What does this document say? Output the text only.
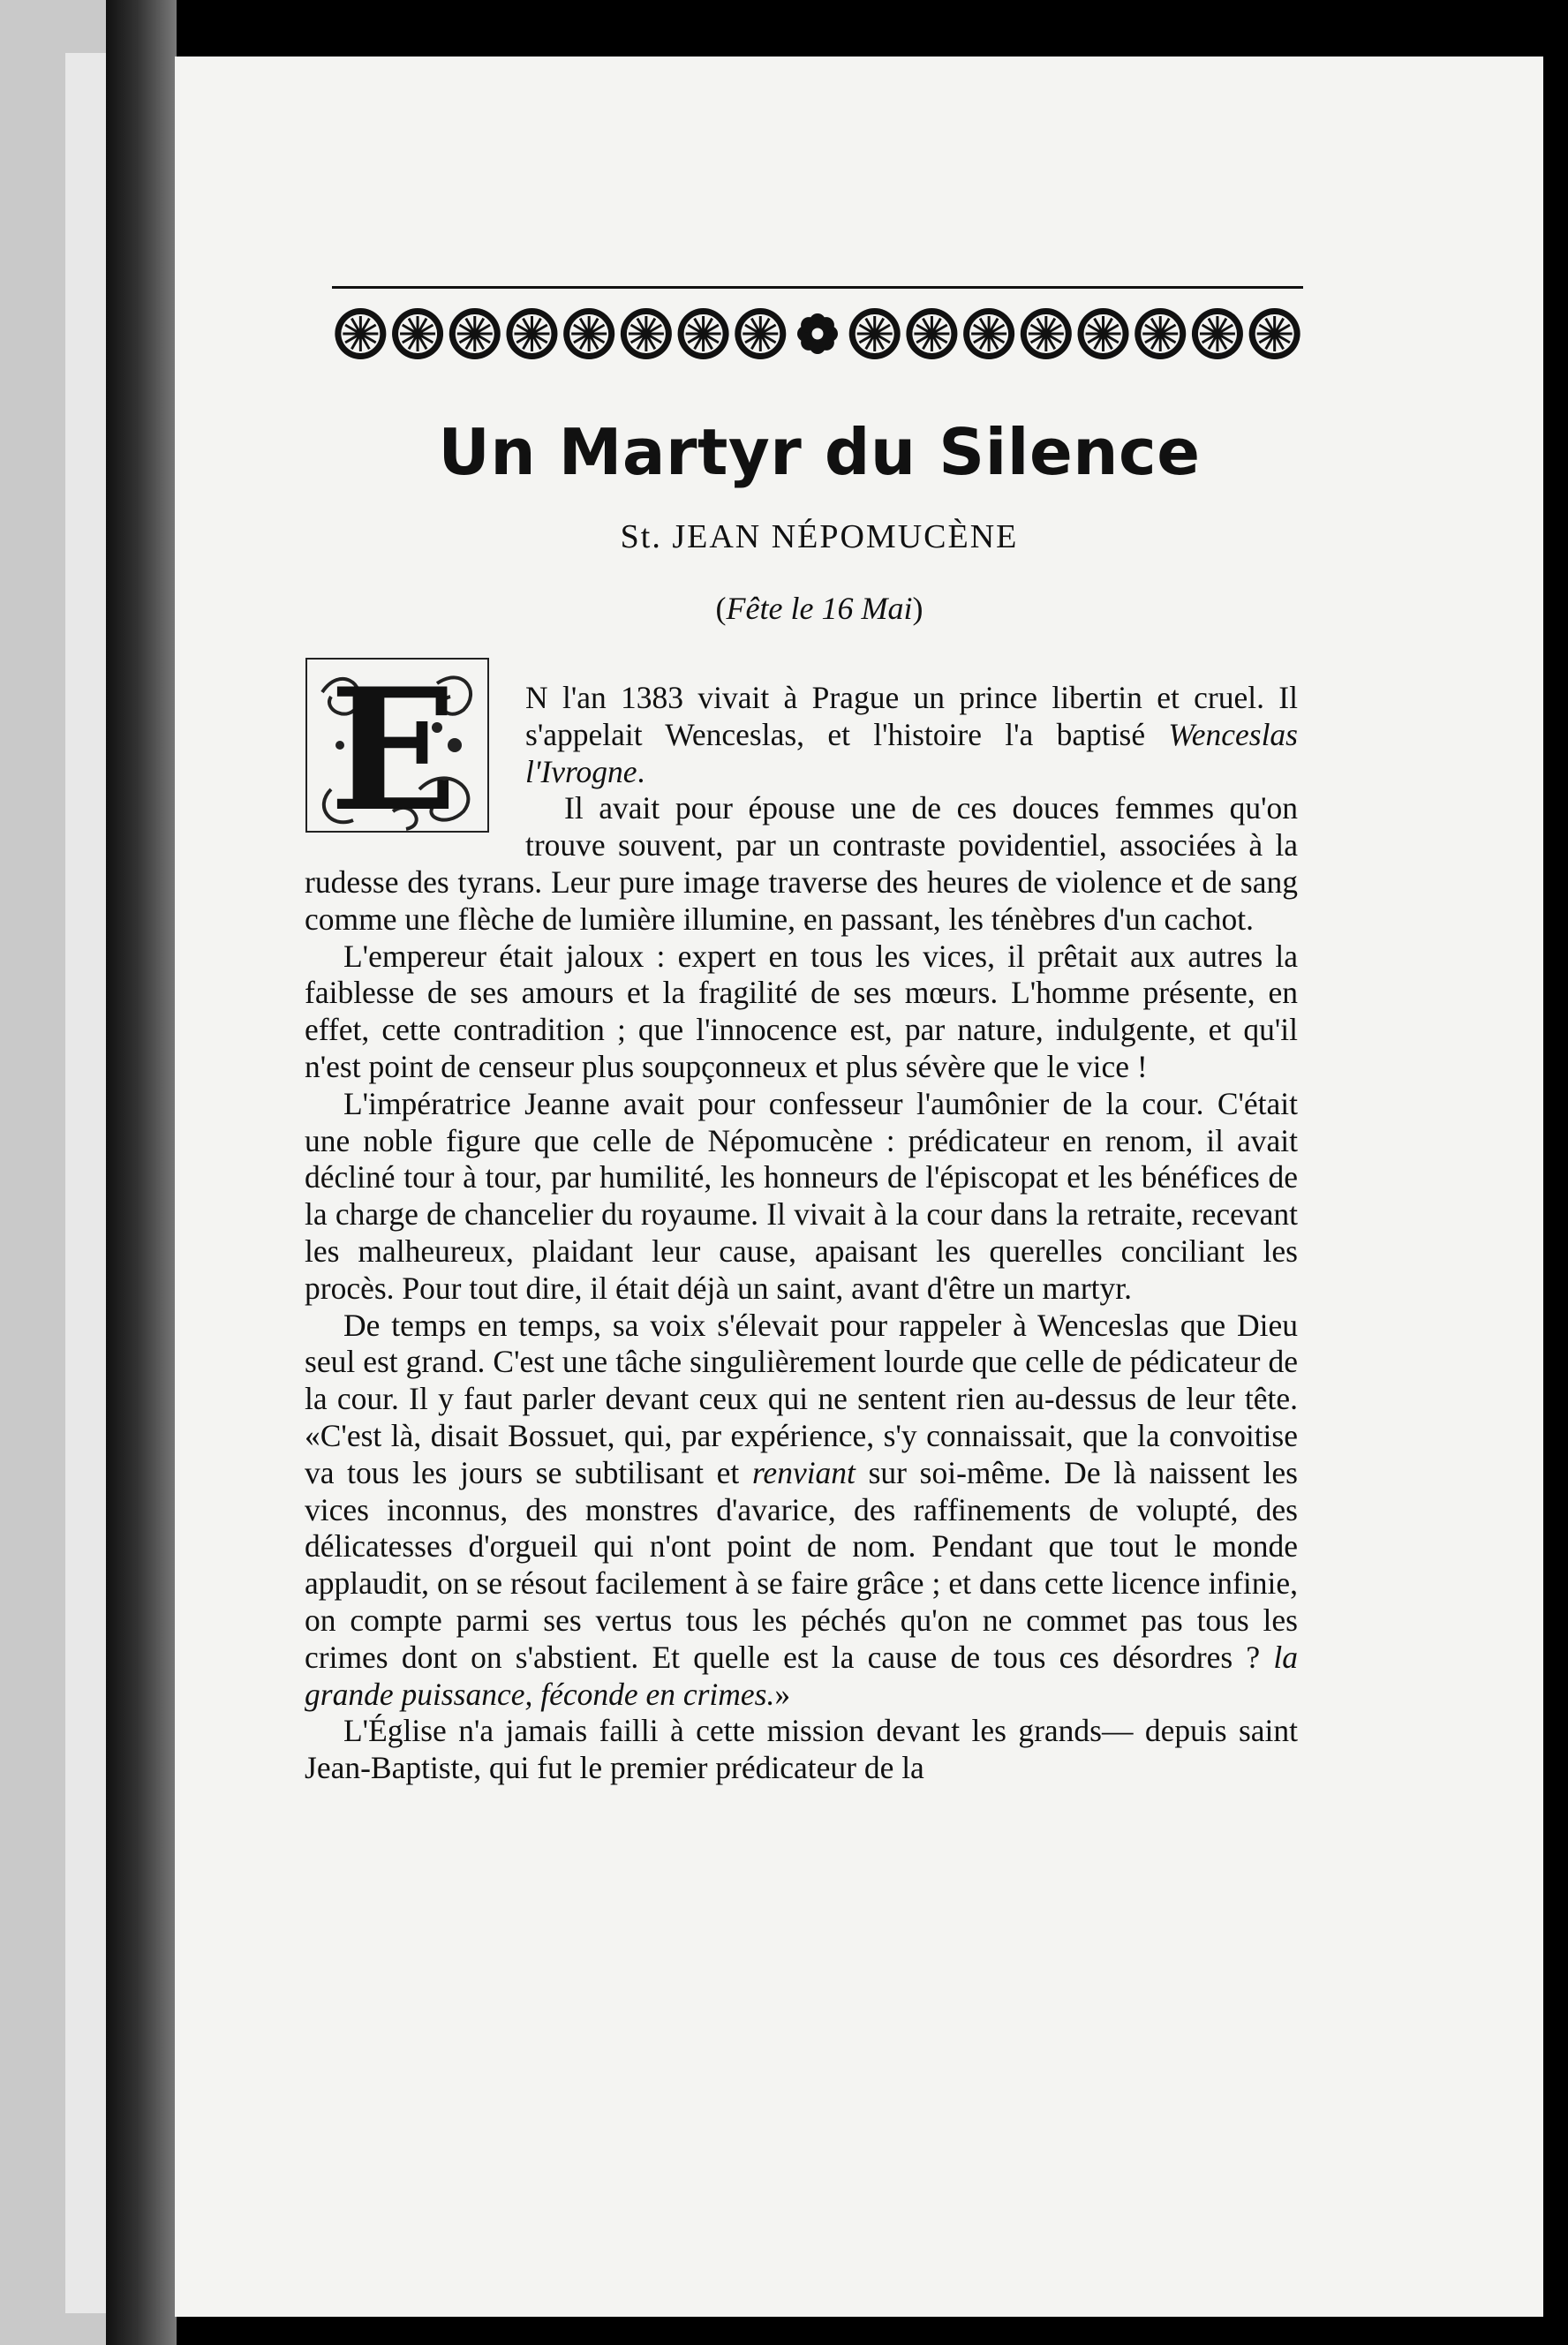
Un Martyr du Silence
St. JEAN NÉPOMUCÈNE
(Fête le 16 Mai)
E	N l'an 1383 vivait à Prague un prince libertin et cruel. Il s'appelait Wenceslas, et l'histoire l'a baptisé Wenceslas l'Ivrogne.

Il avait pour épouse une de ces douces femmes qu'on trouve souvent, par un contraste povidentiel, associées à la rudesse des tyrans. Leur pure image traverse des heures de violence et de sang comme une flèche de lumière illumine, en passant, les ténèbres d'un cachot.

L'empereur était jaloux : expert en tous les vices, il prêtait aux autres la faiblesse de ses amours et la fragilité de ses mœurs. L'homme présente, en effet, cette contradition ; que l'innocence est, par nature, indulgente, et qu'il n'est point de censeur plus soupçonneux et plus sévère que le vice !

L'impératrice Jeanne avait pour confesseur l'aumônier de la cour. C'était une noble figure que celle de Népomucène : prédicateur en renom, il avait décliné tour à tour, par humilité, les honneurs de l'épiscopat et les bénéfices de la charge de chancelier du royaume. Il vivait à la cour dans la retraite, recevant les malheureux, plaidant leur cause, apaisant les querelles conciliant les procès. Pour tout dire, il était déjà un saint, avant d'être un martyr.

De temps en temps, sa voix s'élevait pour rappeler à Wenceslas que Dieu seul est grand. C'est une tâche singulièrement lourde que celle de pédicateur de la cour. Il y faut parler devant ceux qui ne sentent rien au-dessus de leur tête. «C'est là, disait Bossuet, qui, par expérience, s'y connaissait, que la convoitise va tous les jours se subtilisant et renviant sur soi-même. De là naissent les vices inconnus, des monstres d'avarice, des raffinements de volupté, des délicatesses d'orgueil qui n'ont point de nom. Pendant que tout le monde applaudit, on se résout facilement à se faire grâce ; et dans cette licence infinie, on compte parmi ses vertus tous les péchés qu'on ne commet pas tous les crimes dont on s'abstient. Et quelle est la cause de tous ces désordres ? la grande puissance, féconde en crimes.»

L'Église n'a jamais failli à cette mission devant les grands— depuis saint Jean-Baptiste, qui fut le premier prédicateur de la
